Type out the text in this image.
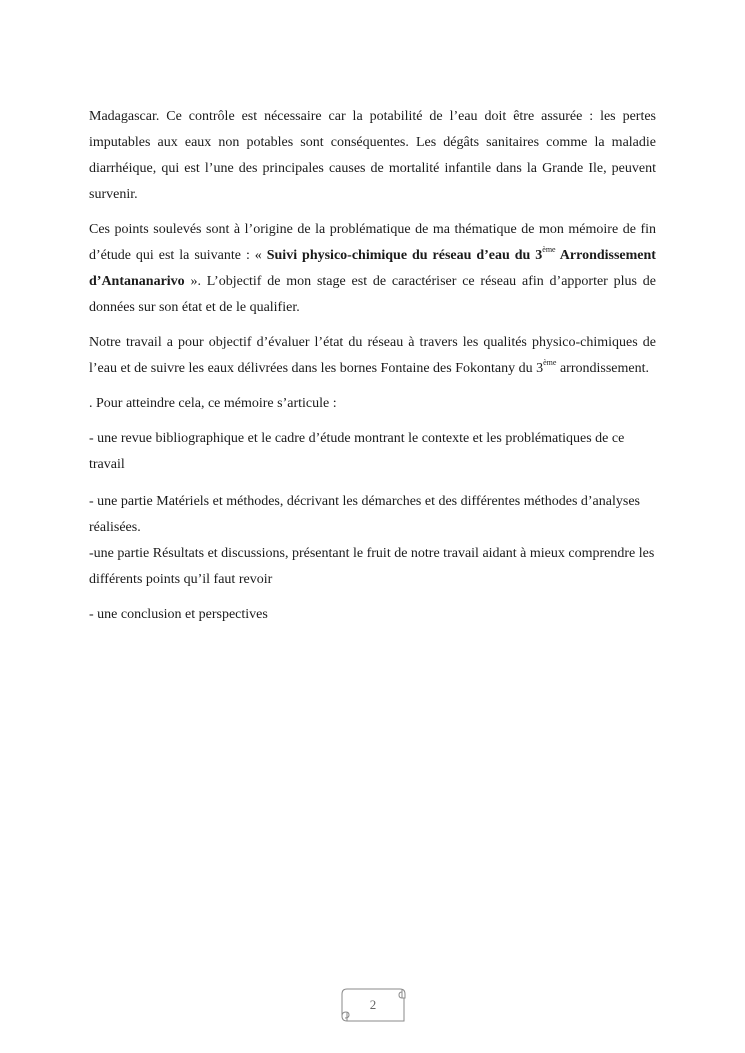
Madagascar. Ce contrôle est nécessaire car la potabilité de l’eau doit être assurée : les pertes imputables aux eaux non potables sont conséquentes. Les dégâts sanitaires comme la maladie diarrhéique, qui est l’une des principales causes de mortalité infantile dans la Grande Ile, peuvent survenir.

Ces points soulevés sont à l’origine de la problématique de ma thématique de mon mémoire de fin d’étude qui est la suivante : « Suivi physico-chimique du réseau d’eau du 3ème Arrondissement d’Antananarivo ». L’objectif de mon stage est de caractériser ce réseau afin d’apporter plus de données sur son état et de le qualifier.

Notre travail a pour objectif d’évaluer l’état du réseau à travers les qualités physico-chimiques de l’eau et de suivre les eaux délivrées dans les bornes Fontaine des Fokontany du 3ème arrondissement.

. Pour atteindre cela, ce mémoire s’articule :

- une revue bibliographique et le cadre d’étude montrant le contexte et les problématiques de ce travail

- une partie Matériels et méthodes, décrivant les démarches et des différentes méthodes d’analyses réalisées.

-une partie Résultats et discussions, présentant le fruit de notre travail aidant à mieux comprendre les différents points qu’il faut revoir

- une conclusion et perspectives

2
